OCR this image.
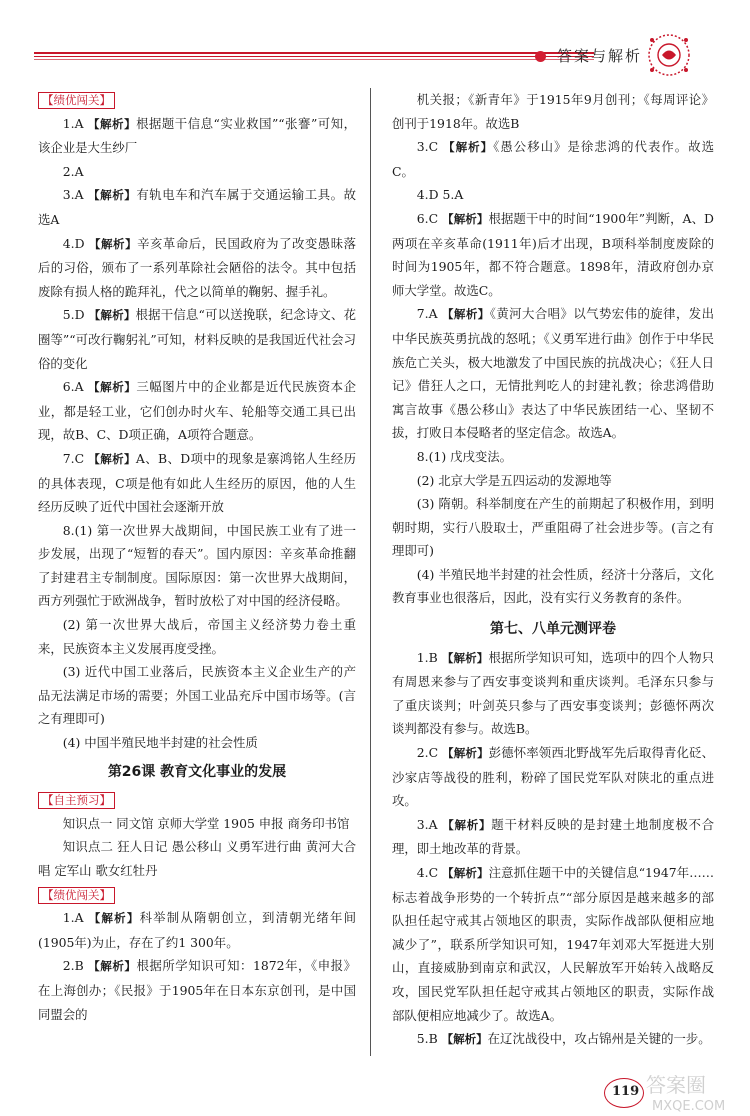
答案与解析
【绩优闯关】

1.A 【解析】根据题干信息“实业救国”“张謇”可知，该企业是大生纱厂

2.A

3.A 【解析】有轨电车和汽车属于交通运输工具。故选A

4.D 【解析】辛亥革命后，民国政府为了改变愚昧落后的习俗，颁布了一系列革除社会陋俗的法令。其中包括废除有损人格的跪拜礼，代之以简单的鞠躬、握手礼。

5.D 【解析】根据干信息“可以送挽联，纪念诗文、花圈等”“可改行鞠躬礼”可知，材料反映的是我国近代社会习俗的变化

6.A 【解析】三幅图片中的企业都是近代民族资本企业，都是轻工业，它们创办时火车、轮船等交通工具已出现，故B、C、D项正确，A项符合题意。

7.C 【解析】A、B、D项中的现象是寨鸿铭人生经历的具体表现，C项是他有如此人生经历的原因，他的人生经历反映了近代中国社会逐渐开放

8.(1) 第一次世界大战期间，中国民族工业有了进一步发展，出现了“短暂的春天”。国内原因：辛亥革命推翻了封建君主专制制度。国际原因：第一次世界大战期间，西方列强忙于欧洲战争，暂时放松了对中国的经济侵略。

(2) 第一次世界大战后，帝国主义经济势力卷土重来，民族资本主义发展再度受挫。

(3) 近代中国工业落后，民族资本主义企业生产的产品无法满足市场的需要；外国工业品充斥中国市场等。(言之有理即可)

(4) 中国半殖民地半封建的社会性质

第26课 教育文化事业的发展
【自主预习】

知识点一 同文馆 京师大学堂 1905 申报 商务印书馆

知识点二 狂人日记 愚公移山 义勇军进行曲 黄河大合唱 定军山 歌女红牡丹

【绩优闯关】

1.A 【解析】科举制从隋朝创立，到清朝光绪年间(1905年)为止，存在了约1 300年。

2.B 【解析】根据所学知识可知：1872年，《申报》在上海创办；《民报》于1905年在日本东京创刊，是中国同盟会的

机关报；《新青年》于1915年9月创刊；《每周评论》创刊于1918年。故选B

3.C 【解析】《愚公移山》是徐悲鸿的代表作。故选C。

4.D 5.A

6.C 【解析】根据题干中的时间“1900年”判断，A、D两项在辛亥革命(1911年)后才出现，B项科举制度废除的时间为1905年，都不符合题意。1898年，清政府创办京师大学堂。故选C。

7.A 【解析】《黄河大合唱》以气势宏伟的旋律，发出中华民族英勇抗战的怒吼；《义勇军进行曲》创作于中华民族危亡关头，极大地激发了中国民族的抗战决心；《狂人日记》借狂人之口，无情批判吃人的封建礼教；徐悲鸿借助寓言故事《愚公移山》表达了中华民族团结一心、坚韧不拔，打败日本侵略者的坚定信念。故选A。

8.(1) 戊戌变法。

(2) 北京大学是五四运动的发源地等

(3) 隋朝。科举制度在产生的前期起了积极作用，到明朝时期，实行八股取士，严重阻碍了社会进步等。(言之有理即可)

(4) 半殖民地半封建的社会性质，经济十分落后，文化教育事业也很落后，因此，没有实行义务教育的条件。

第七、八单元测评卷

1.B 【解析】根据所学知识可知，选项中的四个人物只有周恩来参与了西安事变谈判和重庆谈判。毛泽东只参与了重庆谈判；叶剑英只参与了西安事变谈判；彭德怀两次谈判都没有参与。故选B。

2.C 【解析】彭德怀率领西北野战军先后取得青化砭、沙家店等战役的胜利，粉碎了国民党军队对陕北的重点进攻。

3.A 【解析】题干材料反映的是封建土地制度极不合理，即土地改革的背景。

4.C 【解析】注意抓住题干中的关键信息“1947年……标志着战争形势的一个转折点”“部分原因是越来越多的部队担任起守戒其占领地区的职责，实际作战部队便相应地减少了”，联系所学知识可知，1947年刘邓大军挺进大别山，直接威胁到南京和武汉，人民解放军开始转入战略反攻，国民党军队担任起守戒其占领地区的职责，实际作战部队便相应地减少了。故选A。

5.B 【解析】在辽沈战役中，攻占锦州是关键的一步。

119 答案圈
MXQE.COM
